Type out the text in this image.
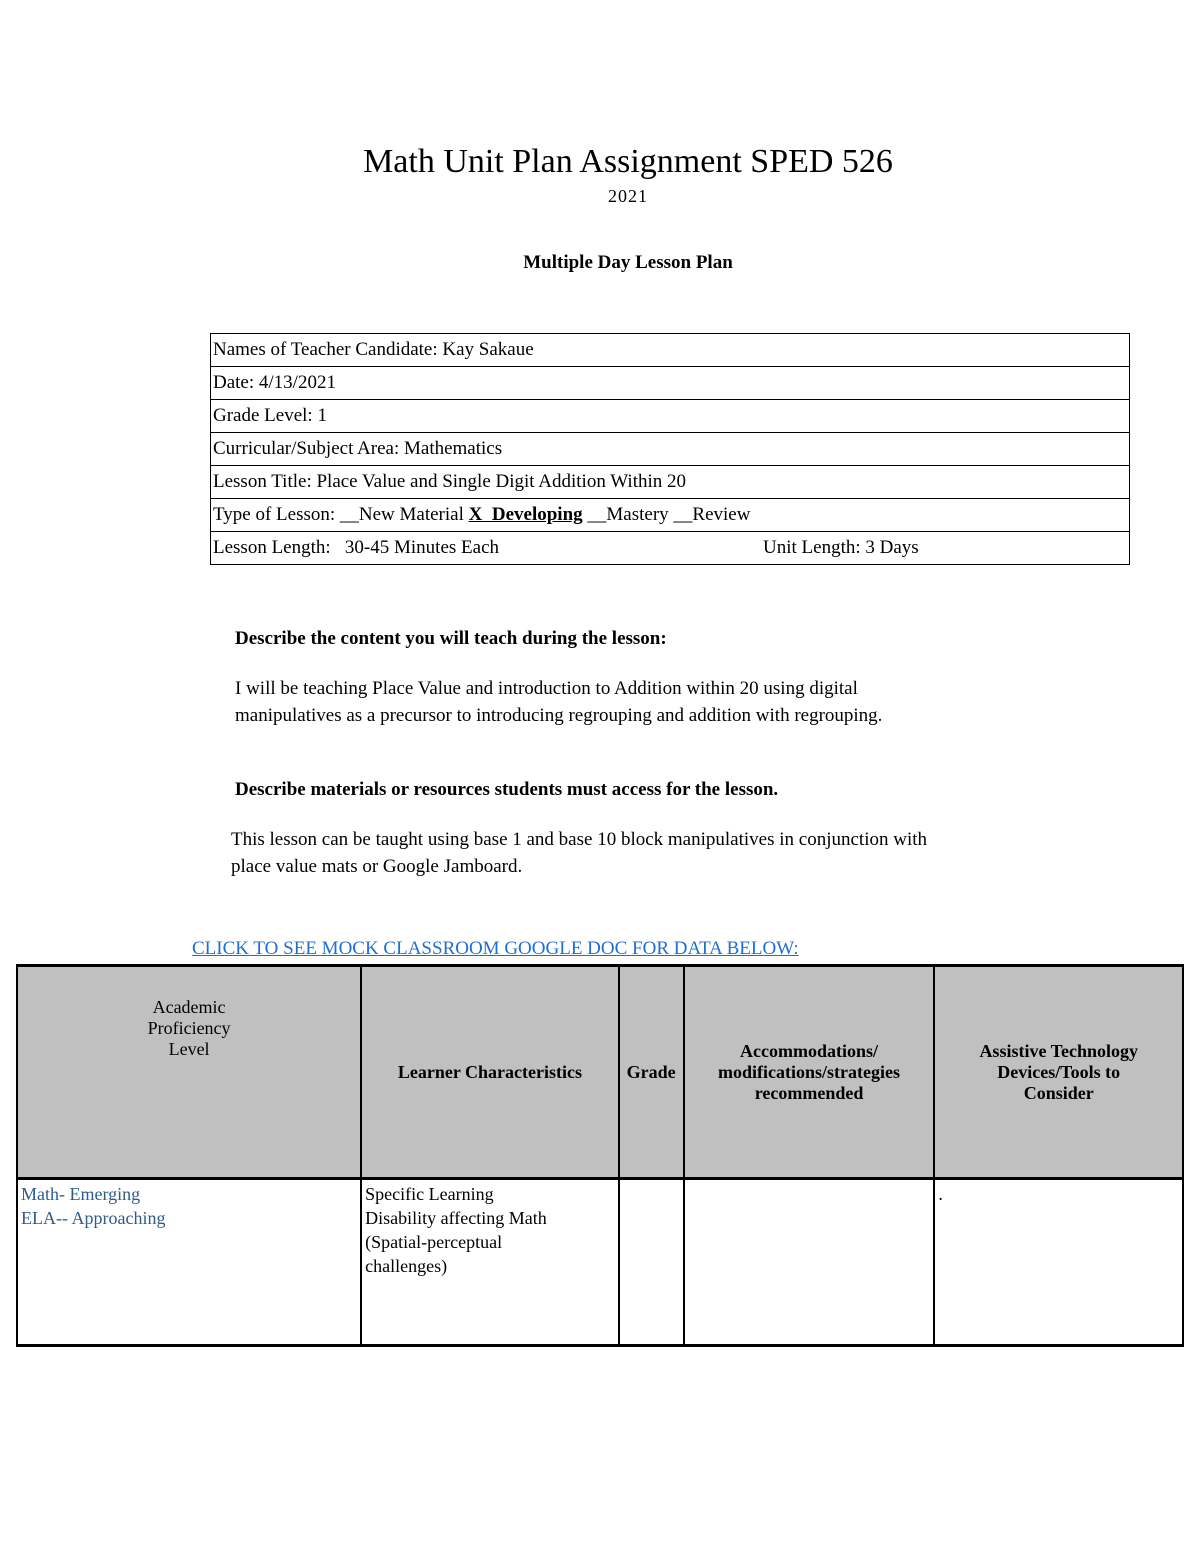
Math Unit Plan Assignment SPED 526
2021
Multiple Day Lesson Plan
Names of Teacher Candidate: Kay Sakaue
Date: 4/13/2021
Grade Level: 1
Curricular/Subject Area: Mathematics
Lesson Title: Place Value and Single Digit Addition Within 20
Type of Lesson: __New Material X  Developing __Mastery __Review
Lesson Length:   30-45 Minutes Each	Unit Length: 3 Days
Describe the content you will teach during the lesson:
I will be teaching Place Value and introduction to Addition within 20 using digital
manipulatives as a precursor to introducing regrouping and addition with regrouping.
Describe materials or resources students must access for the lesson.
This lesson can be taught using base 1 and base 10 block manipulatives in conjunction with
place value mats or Google Jamboard.
CLICK TO SEE MOCK CLASSROOM GOOGLE DOC FOR DATA BELOW:
Academic
Proficiency
Level	Learner Characteristics	Grade	Accommodations/
modifications/strategies
recommended	Assistive Technology
Devices/Tools to
Consider
Math- Emerging
ELA-- Approaching	Specific Learning
Disability affecting Math
(Spatial-perceptual
challenges)			.
